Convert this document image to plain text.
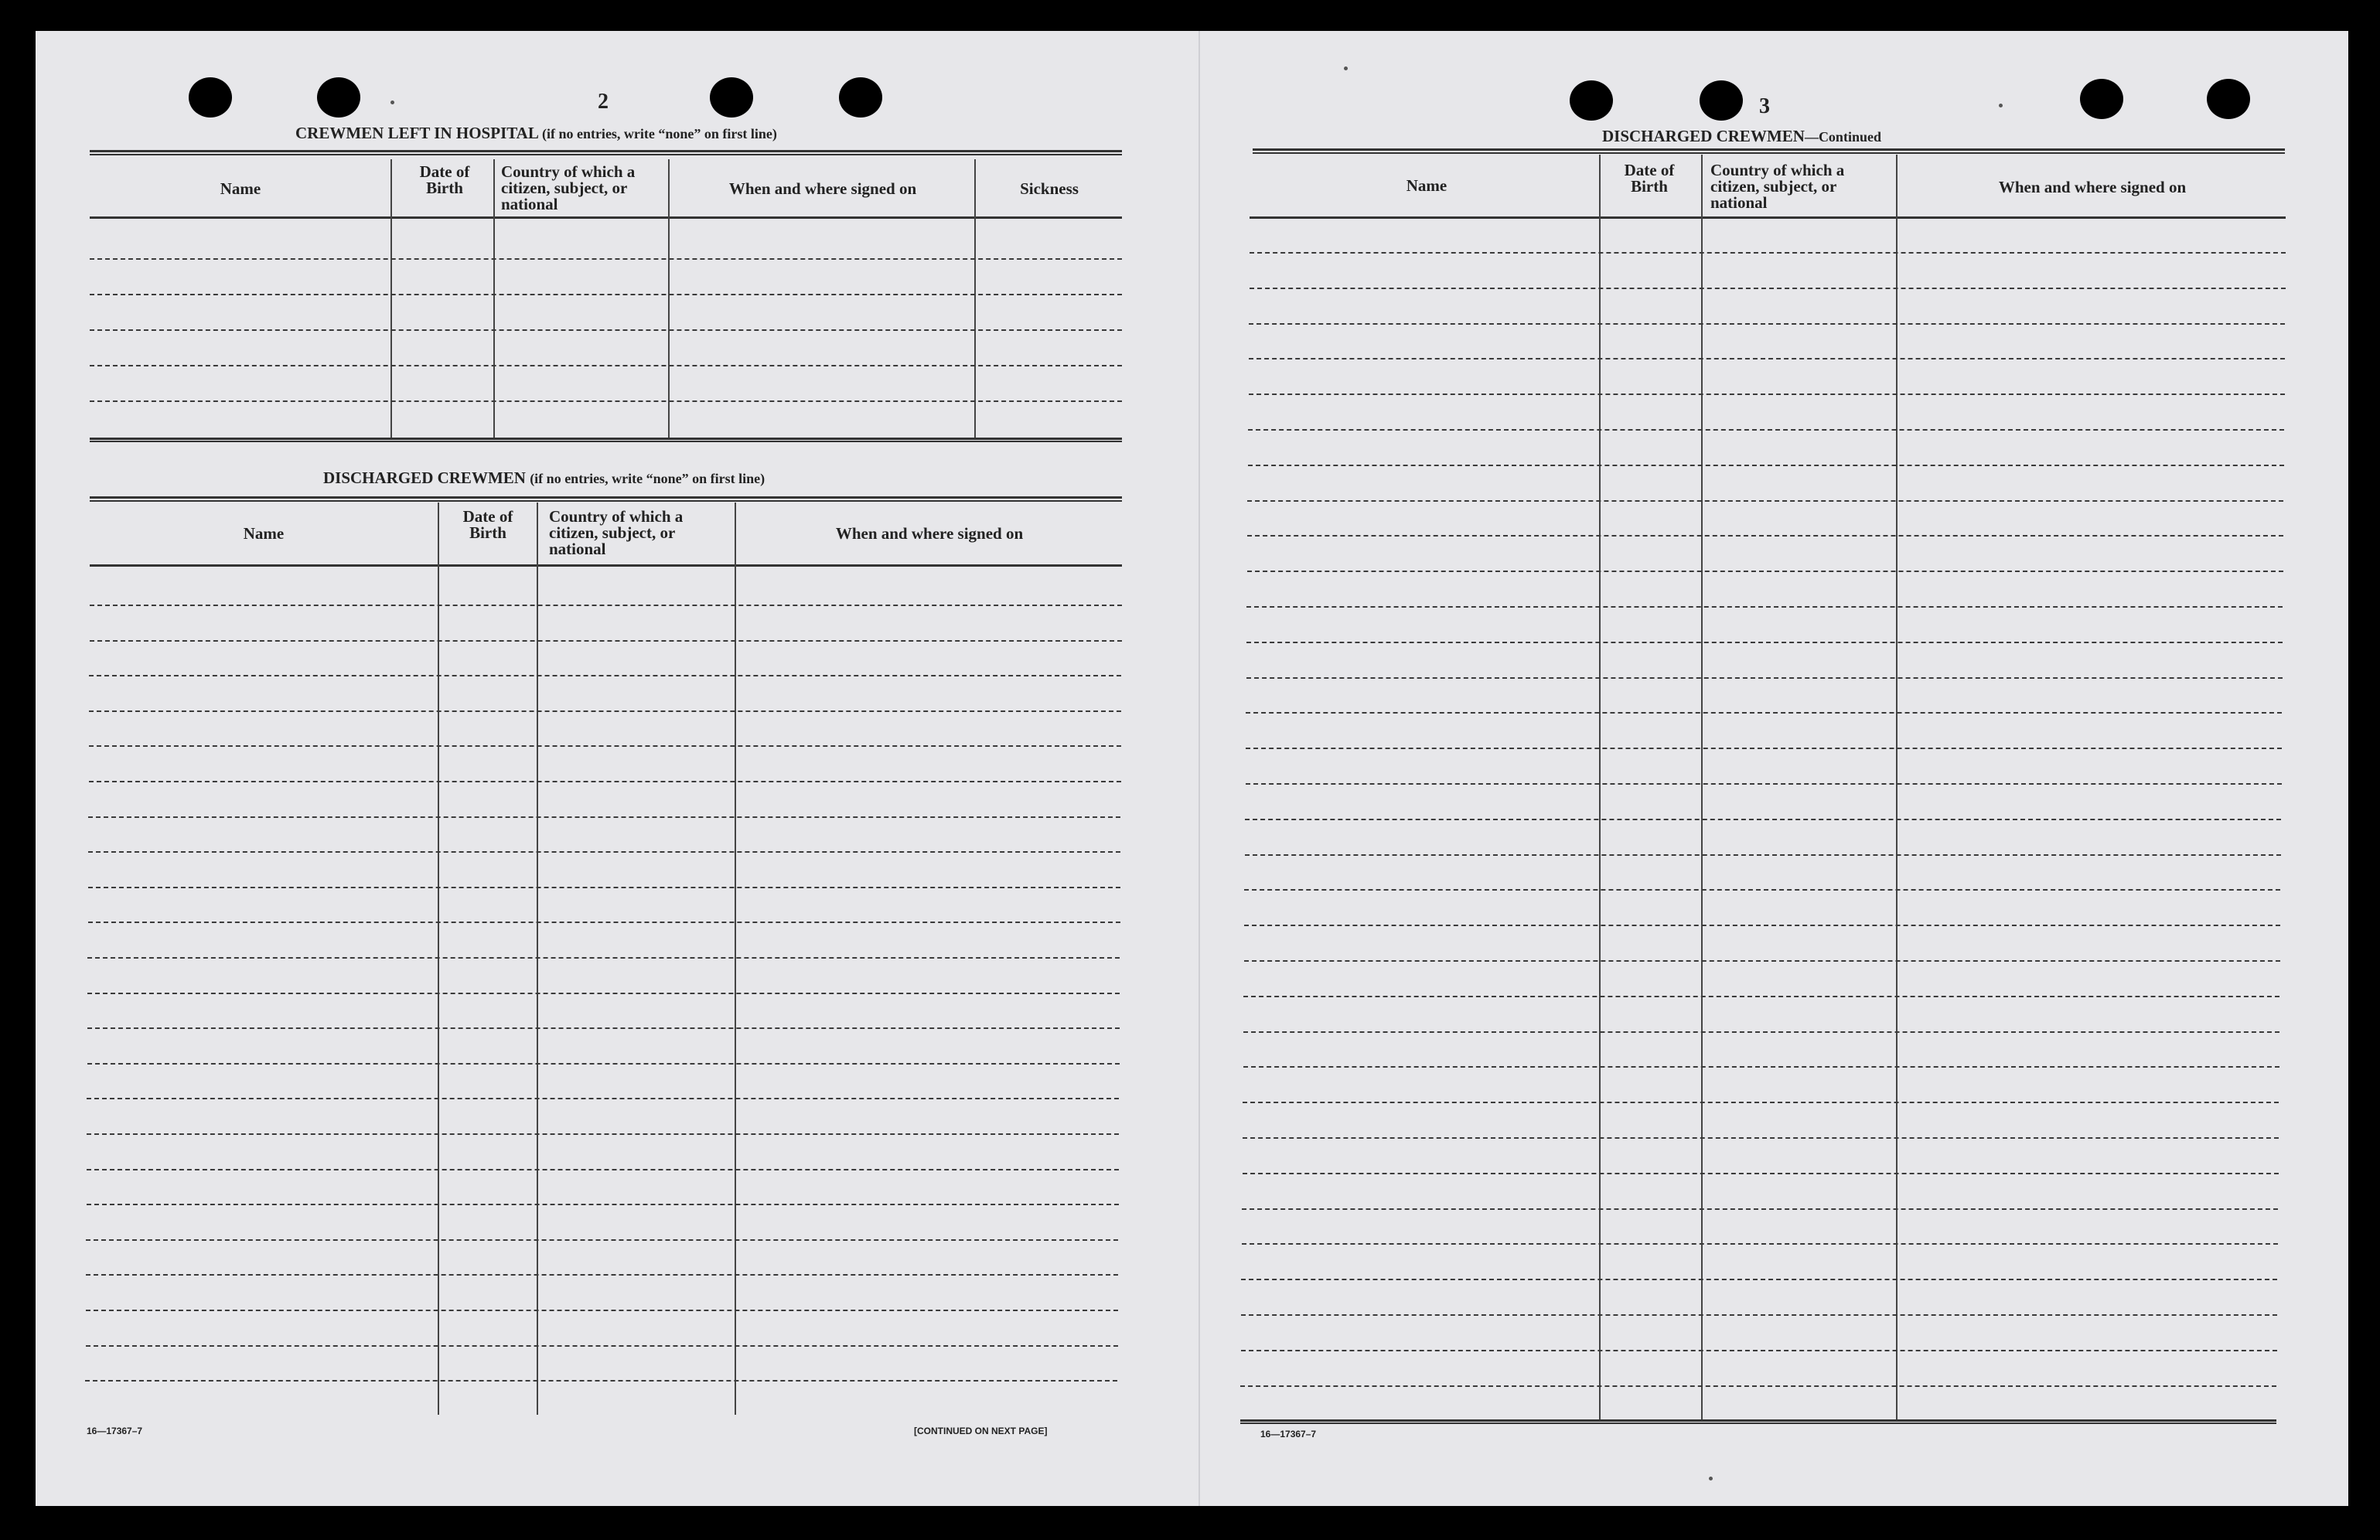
2
CREWMEN LEFT IN HOSPITAL (if no entries, write “none” on first line)
Name
Date of Birth
Country of which a citizen, subject, or national
When and where signed on	Sickness
DISCHARGED CREWMEN (if no entries, write “none” on first line)
Name
Date of Birth
Country of which a citizen, subject, or national
When and where signed on
16—17367–7	[CONTINUED ON NEXT PAGE]
3
DISCHARGED CREWMEN—Continued
Name
Date of Birth
Country of which a citizen, subject, or national
When and where signed on
16—17367–7
